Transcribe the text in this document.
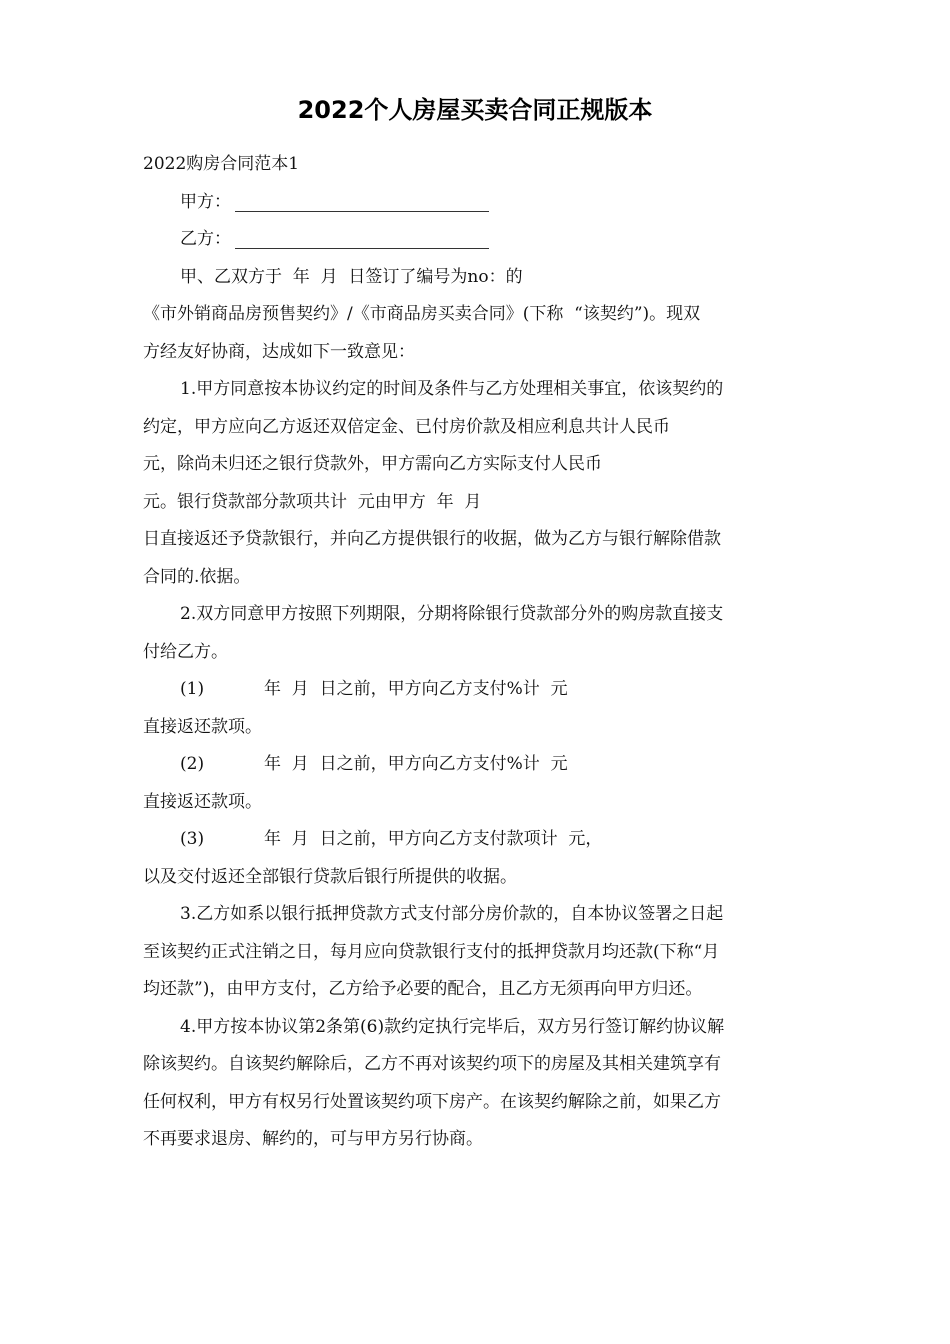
2022个人房屋买卖合同正规版本

2022购房合同范本1

甲方：

乙方：

甲、乙双方于  年  月  日签订了编号为no：的

《市外销商品房预售契约》/《市商品房买卖合同》(下称  “该契约”)。现双

方经友好协商，达成如下一致意见：

1.甲方同意按本协议约定的时间及条件与乙方处理相关事宜，依该契约的

约定，甲方应向乙方返还双倍定金、已付房价款及相应利息共计人民币

元，除尚未归还之银行贷款外，甲方需向乙方实际支付人民币

元。银行贷款部分款项共计  元由甲方  年  月

日直接返还予贷款银行，并向乙方提供银行的收据，做为乙方与银行解除借款

合同的.依据。

2.双方同意甲方按照下列期限，分期将除银行贷款部分外的购房款直接支

付给乙方。

(1)	年  月  日之前，甲方向乙方支付%计  元

直接返还款项。

(2)	年  月  日之前，甲方向乙方支付%计  元

直接返还款项。

(3)	年  月  日之前，甲方向乙方支付款项计  元，

以及交付返还全部银行贷款后银行所提供的收据。

3.乙方如系以银行抵押贷款方式支付部分房价款的，自本协议签署之日起

至该契约正式注销之日，每月应向贷款银行支付的抵押贷款月均还款(下称“月

均还款”)，由甲方支付，乙方给予必要的配合，且乙方无须再向甲方归还。

4.甲方按本协议第2条第(6)款约定执行完毕后，双方另行签订解约协议解

除该契约。自该契约解除后，乙方不再对该契约项下的房屋及其相关建筑享有

任何权利，甲方有权另行处置该契约项下房产。在该契约解除之前，如果乙方

不再要求退房、解约的，可与甲方另行协商。
